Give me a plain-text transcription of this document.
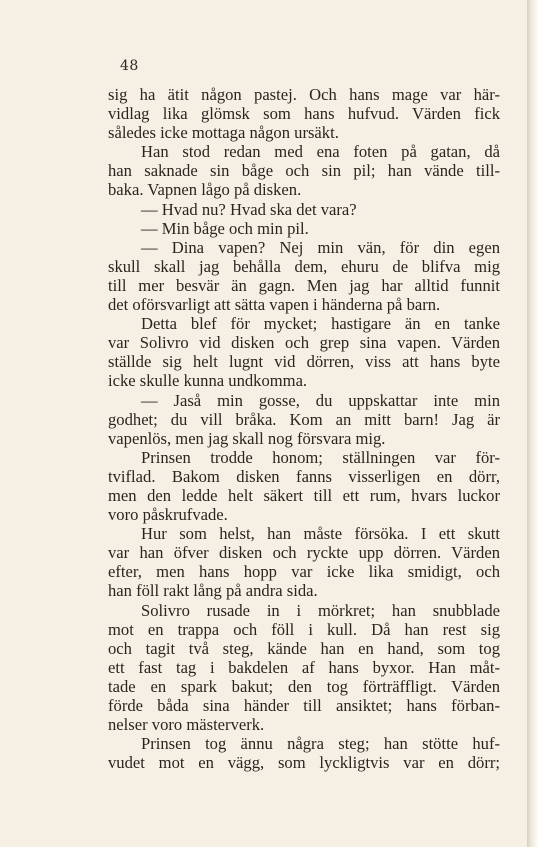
48
sig ha ätit någon pastej. Och hans mage var här-
vidlag lika glömsk som hans hufvud. Värden fick
således icke mottaga någon ursäkt.
Han stod redan med ena foten på gatan, då
han saknade sin båge och sin pil; han vände till-
baka. Vapnen lågo på disken.
— Hvad nu? Hvad ska det vara?
— Min båge och min pil.
— Dina vapen? Nej min vän, för din egen
skull skall jag behålla dem, ehuru de blifva mig
till mer besvär än gagn. Men jag har alltid funnit
det oförsvarligt att sätta vapen i händerna på barn.
Detta blef för mycket; hastigare än en tanke
var Solivro vid disken och grep sina vapen. Värden
ställde sig helt lugnt vid dörren, viss att hans byte
icke skulle kunna undkomma.
— Jaså min gosse, du uppskattar inte min
godhet; du vill bråka. Kom an mitt barn! Jag är
vapenlös, men jag skall nog försvara mig.
Prinsen trodde honom; ställningen var för-
tviflad. Bakom disken fanns visserligen en dörr,
men den ledde helt säkert till ett rum, hvars luckor
voro påskrufvade.
Hur som helst, han måste försöka. I ett skutt
var han öfver disken och ryckte upp dörren. Värden
efter, men hans hopp var icke lika smidigt, och
han föll rakt lång på andra sida.
Solivro rusade in i mörkret; han snubblade
mot en trappa och föll i kull. Då han rest sig
och tagit två steg, kände han en hand, som tog
ett fast tag i bakdelen af hans byxor. Han måt-
tade en spark bakut; den tog förträffligt. Värden
förde båda sina händer till ansiktet; hans förban-
nelser voro mästerverk.
Prinsen tog ännu några steg; han stötte huf-
vudet mot en vägg, som lyckligtvis var en dörr;
